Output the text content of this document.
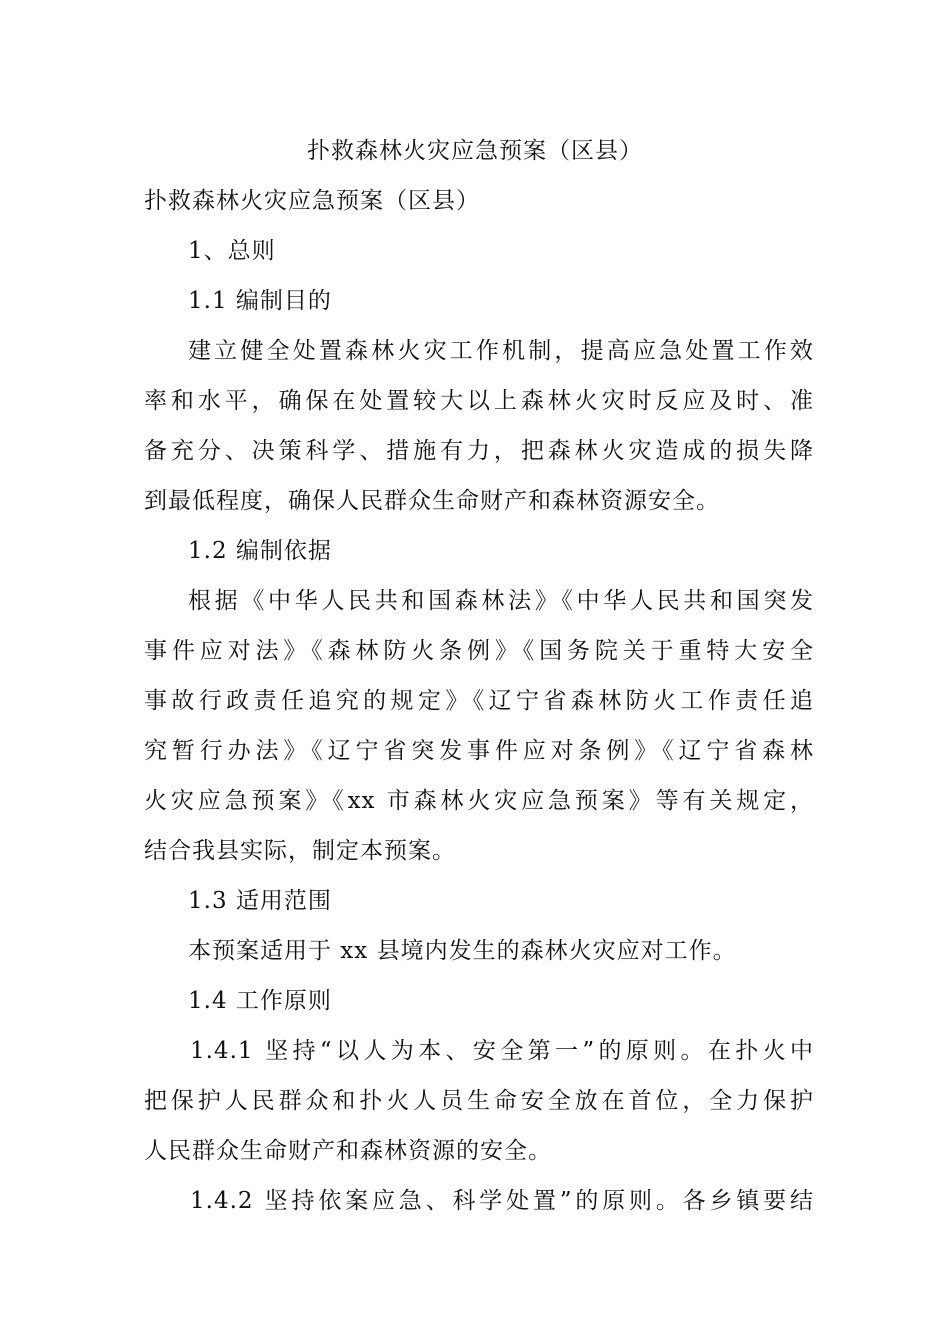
扑救森林火灾应急预案（区县）
扑救森林火灾应急预案（区县）
1、总则
1.1 编制目的
建立健全处置森林火灾工作机制，提高应急处置工作效
率和水平，确保在处置较大以上森林火灾时反应及时、准
备充分、决策科学、措施有力，把森林火灾造成的损失降
到最低程度，确保人民群众生命财产和森林资源安全。
1.2 编制依据
根据《中华人民共和国森林法》《中华人民共和国突发
事件应对法》《森林防火条例》《国务院关于重特大安全
事故行政责任追究的规定》《辽宁省森林防火工作责任追
究暂行办法》《辽宁省突发事件应对条例》《辽宁省森林
火灾应急预案》《xx 市森林火灾应急预案》等有关规定，
结合我县实际，制定本预案。
1.3 适用范围
本预案适用于 xx 县境内发生的森林火灾应对工作。
1.4 工作原则
1.4.1 坚持“以人为本、安全第一”的原则。在扑火中
把保护人民群众和扑火人员生命安全放在首位，全力保护
人民群众生命财产和森林资源的安全。
1.4.2 坚持依案应急、科学处置”的原则。各乡镇要结
